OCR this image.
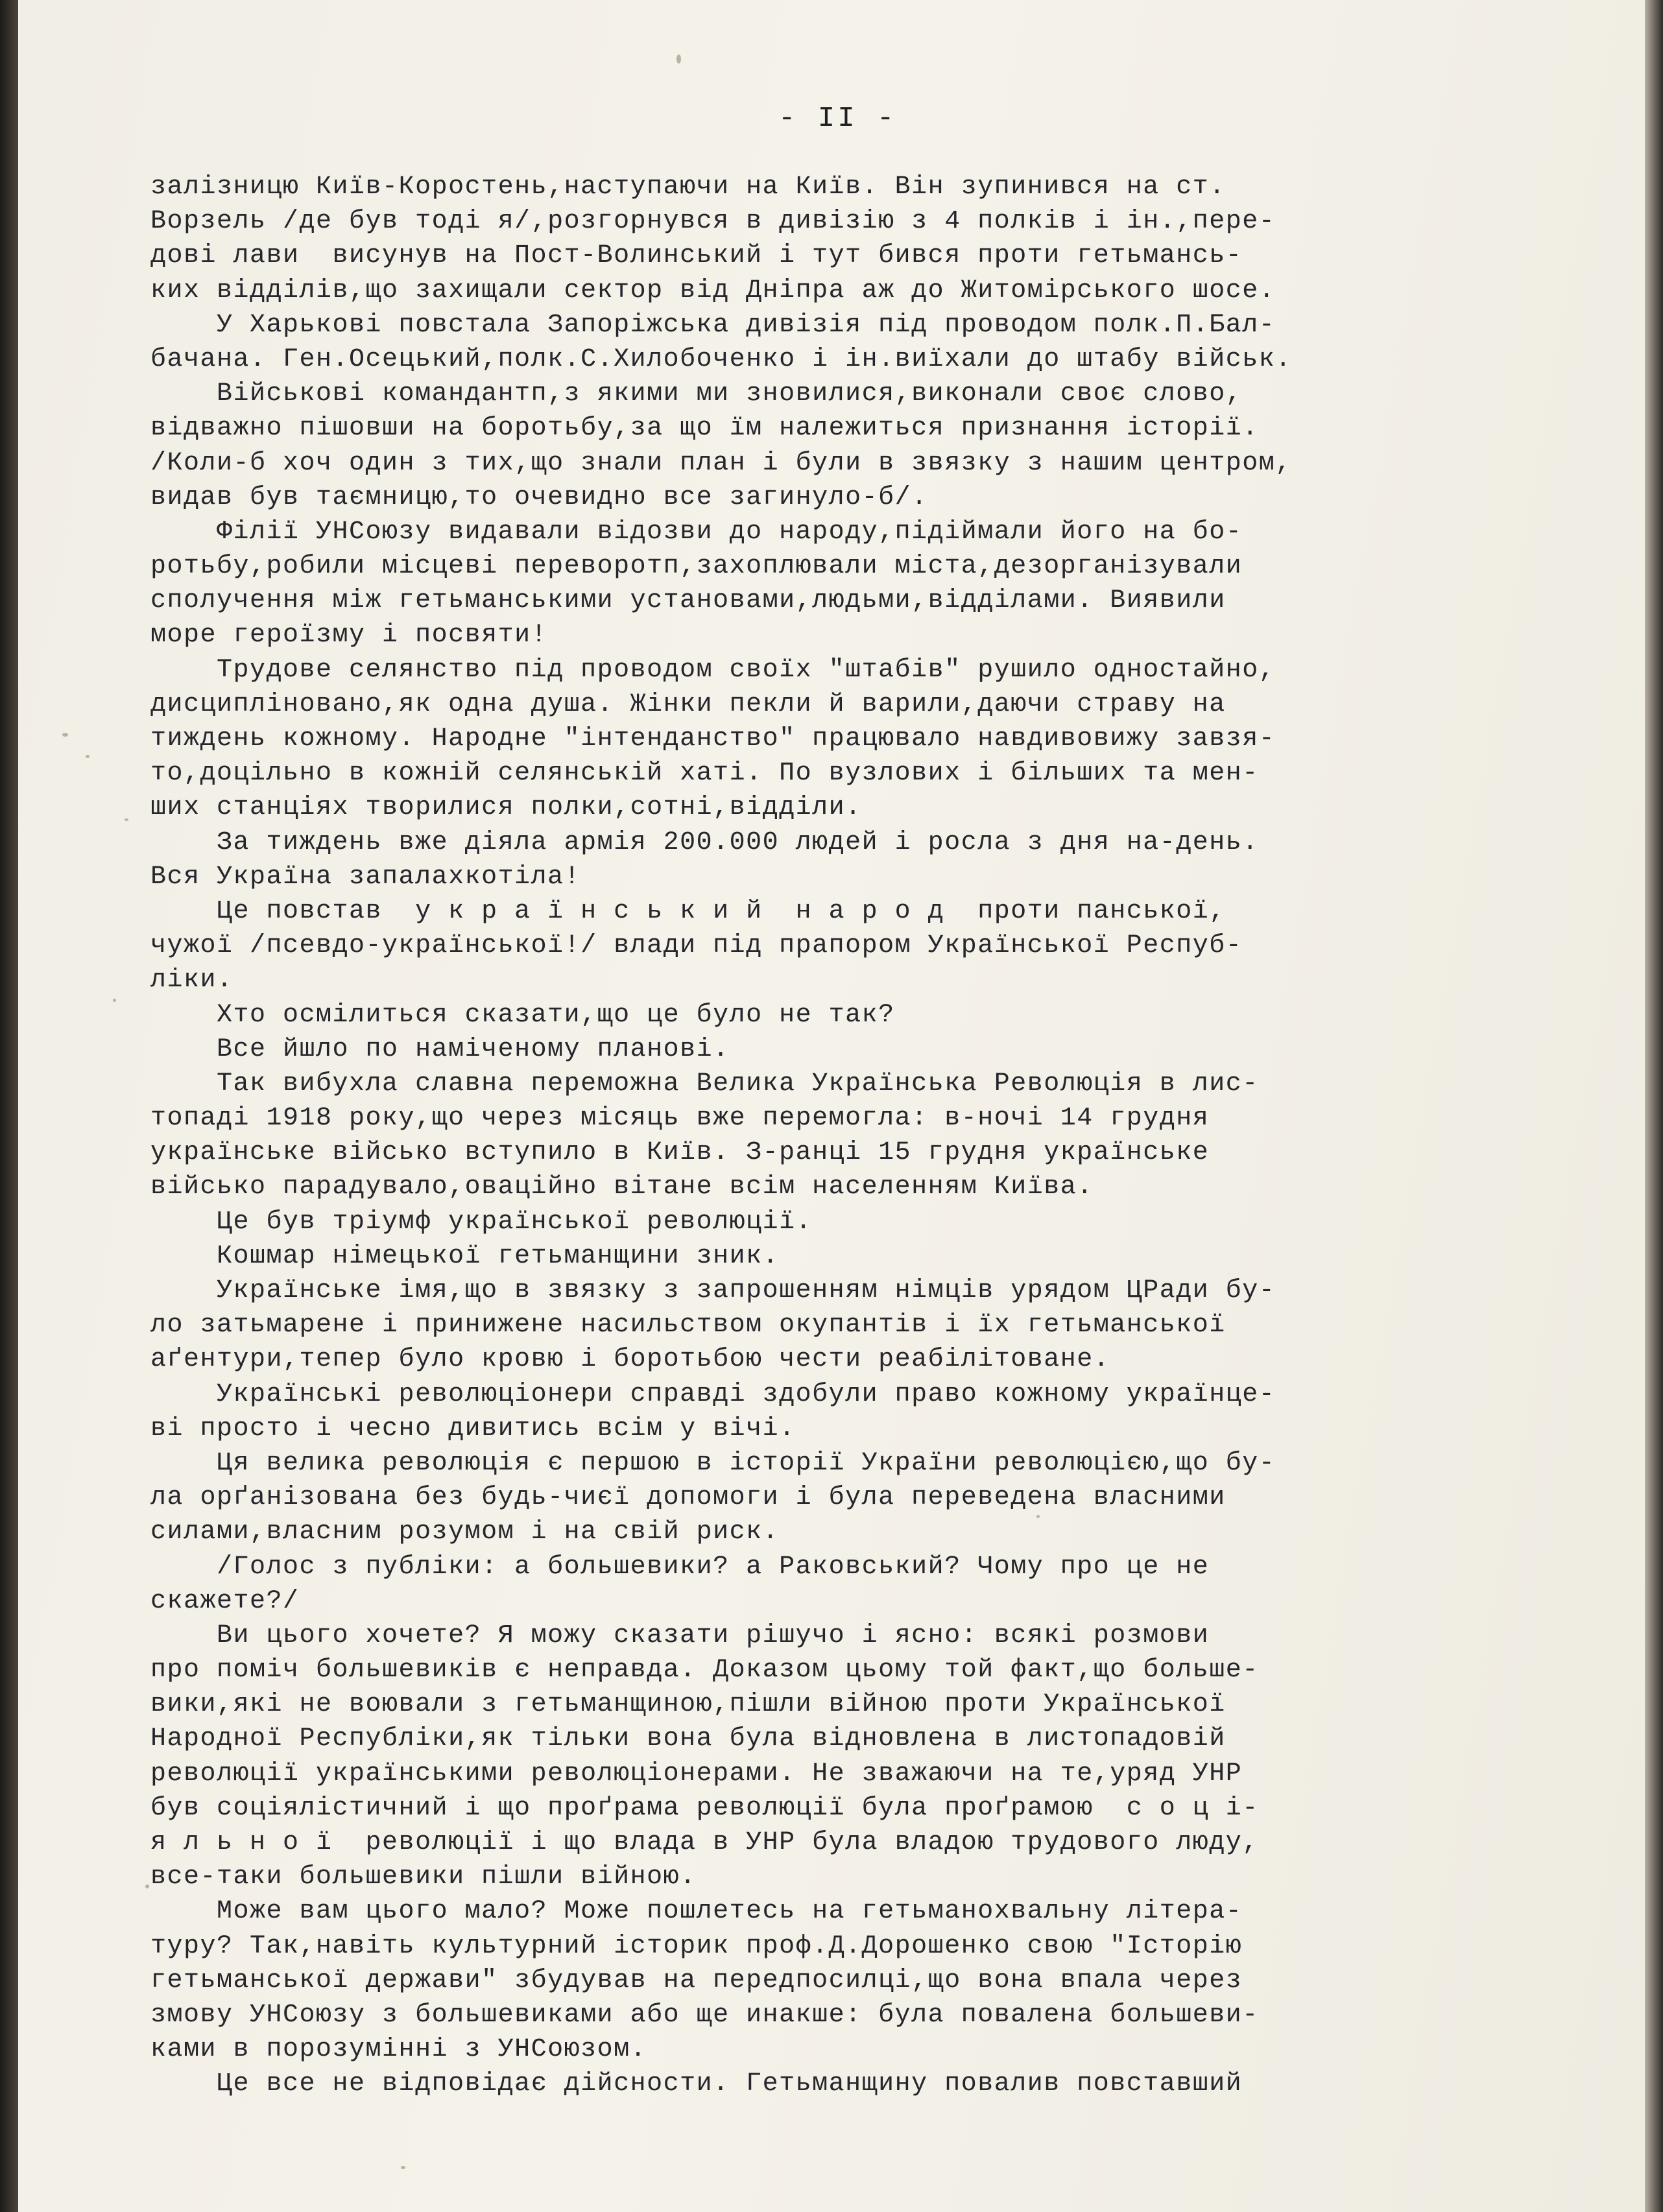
- II -
залізницю Київ-Коростень,наступаючи на Київ. Він зупинився на ст.
Ворзель /де був тоді я/,розгорнувся в дивізію з 4 полків і ін.,пере-
дові лави  висунув на Пост-Волинський і тут бився проти гетьмансь-
ких відділів,що захищали сектор від Дніпра аж до Житомірського шосе.
У Харькові повстала Запоріжська дивізія під проводом полк.П.Бал-
бачана. Ген.Осецький,полк.С.Хилобоченко і ін.виїхали до штабу військ.
Військові командантп,з якими ми зновилися,виконали своє слово,
відважно пішовши на боротьбу,за що їм належиться признання історії.
/Коли-б хоч один з тих,що знали план і були в звязку з нашим центром,
видав був таємницю,то очевидно все загинуло-б/.
Філії УНСоюзу видавали відозви до народу,підіймали його на бо-
ротьбу,робили місцеві переворотп,захоплювали міста,дезорганізували
сполучення між гетьманськими установами,людьми,відділами. Виявили
море героїзму і посвяти!
Трудове селянство під проводом своїх "штабів" рушило одностайно,
дисципліновано,як одна душа. Жінки пекли й варили,даючи страву на
тиждень кожному. Народне "інтенданство" працювало навдивовижу завзя-
то,доцільно в кожній селянській хаті. По вузлових і більших та мен-
ших станціях творилися полки,сотні,відділи.
За тиждень вже діяла армія 200.000 людей і росла з дня на-день.
Вся Україна запалахкотіла!
Це повстав  у к р а ї н с ь к и й  н а р о д  проти панської,
чужої /псевдо-української!/ влади під прапором Української Респуб-
ліки.
Хто осмілиться сказати,що це було не так?
Все йшло по наміченому планові.
Так вибухла славна переможна Велика Українська Революція в лис-
топаді 1918 року,що через місяць вже перемогла: в-ночі 14 грудня
українське військо вступило в Київ. З-ранці 15 грудня українське
військо парадувало,оваційно вітане всім населенням Київа.
Це був тріумф української революції.
Кошмар німецької гетьманщини зник.
Українське імя,що в звязку з запрошенням німців урядом ЦРади бу-
ло затьмарене і принижене насильством окупантів і їх гетьманської
аґентури,тепер було кровю і боротьбою чести реабілітоване.
Українські революціонери справді здобули право кожному українце-
ві просто і чесно дивитись всім у вічі.
Ця велика революція є першою в історії України революцією,що бу-
ла орґанізована без будь-чиєї допомоги і була переведена власними
силами,власним розумом і на свій риск.
/Голос з публіки: а большевики? а Раковський? Чому про це не
скажете?/
Ви цього хочете? Я можу сказати рішучо і ясно: всякі розмови
про поміч большевиків є неправда. Доказом цьому той факт,що больше-
вики,які не воювали з гетьманщиною,пішли війною проти Української
Народної Республіки,як тільки вона була відновлена в листопадовій
революції українськими революціонерами. Не зважаючи на те,уряд УНР
був соціялістичний і що проґрама революції була проґрамою  с о ц і-
я л ь н о ї  революції і що влада в УНР була владою трудового люду,
все-таки большевики пішли війною.
Може вам цього мало? Може пошлетесь на гетьманохвальну літера-
туру? Так,навіть культурний історик проф.Д.Дорошенко свою "Історію
гетьманської держави" збудував на передпосилці,що вона впала через
змову УНСоюзу з большевиками або ще инакше: була повалена большеви-
ками в порозумінні з УНСоюзом.
Це все не відповідає дійсности. Гетьманщину повалив повставший
